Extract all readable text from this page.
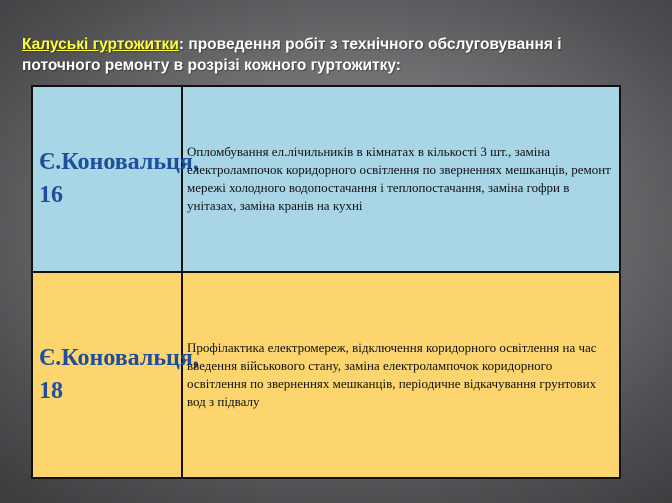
Калуські гуртожитки: проведення робіт з технічного обслуговування і поточного ремонту в розрізі кожного гуртожитку:
Є.Коновальця, 16
Опломбування ел.лічильників в кімнатах в кількості 3 шт., заміна електролампочок коридорного освітлення по зверненнях мешканців, ремонт мережі холодного водопостачання і теплопостачання, заміна гофри в унітазах, заміна кранів на кухні
Є.Коновальця, 18
Профілактика електромереж, відключення коридорного освітлення на час введення військового стану, заміна електролампочок коридорного освітлення по зверненнях мешканців, періодичне відкачування грунтових вод з підвалу
